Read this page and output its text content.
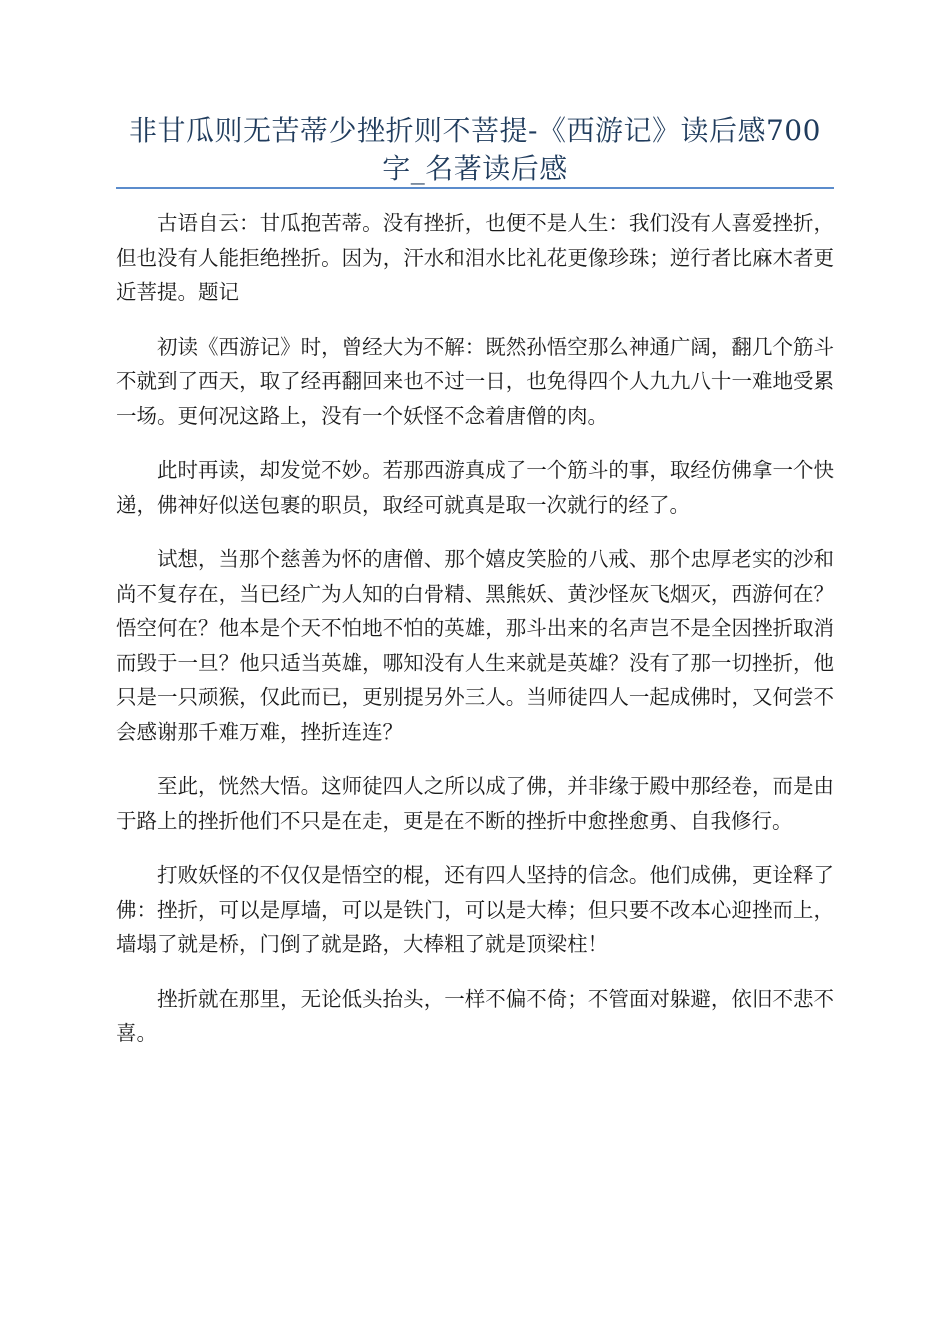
非甘瓜则无苦蒂少挫折则不菩提-《西游记》读后感700字_名著读后感

古语自云：甘瓜抱苦蒂。没有挫折，也便不是人生：我们没有人喜爱挫折，但也没有人能拒绝挫折。因为，汗水和泪水比礼花更像珍珠；逆行者比麻木者更近菩提。题记

初读《西游记》时，曾经大为不解：既然孙悟空那么神通广阔，翻几个筋斗不就到了西天，取了经再翻回来也不过一日，也免得四个人九九八十一难地受累一场。更何况这路上，没有一个妖怪不念着唐僧的肉。

此时再读，却发觉不妙。若那西游真成了一个筋斗的事，取经仿佛拿一个快递，佛神好似送包裹的职员，取经可就真是取一次就行的经了。

试想，当那个慈善为怀的唐僧、那个嬉皮笑脸的八戒、那个忠厚老实的沙和尚不复存在，当已经广为人知的白骨精、黑熊妖、黄沙怪灰飞烟灭，西游何在？悟空何在？他本是个天不怕地不怕的英雄，那斗出来的名声岂不是全因挫折取消而毁于一旦？他只适当英雄，哪知没有人生来就是英雄？没有了那一切挫折，他只是一只顽猴，仅此而已，更别提另外三人。当师徒四人一起成佛时，又何尝不会感谢那千难万难，挫折连连？

至此，恍然大悟。这师徒四人之所以成了佛，并非缘于殿中那经卷，而是由于路上的挫折他们不只是在走，更是在不断的挫折中愈挫愈勇、自我修行。

打败妖怪的不仅仅是悟空的棍，还有四人坚持的信念。他们成佛，更诠释了佛：挫折，可以是厚墙，可以是铁门，可以是大棒；但只要不改本心迎挫而上，墙塌了就是桥，门倒了就是路，大棒粗了就是顶梁柱！

挫折就在那里，无论低头抬头，一样不偏不倚；不管面对躲避，依旧不悲不喜。
